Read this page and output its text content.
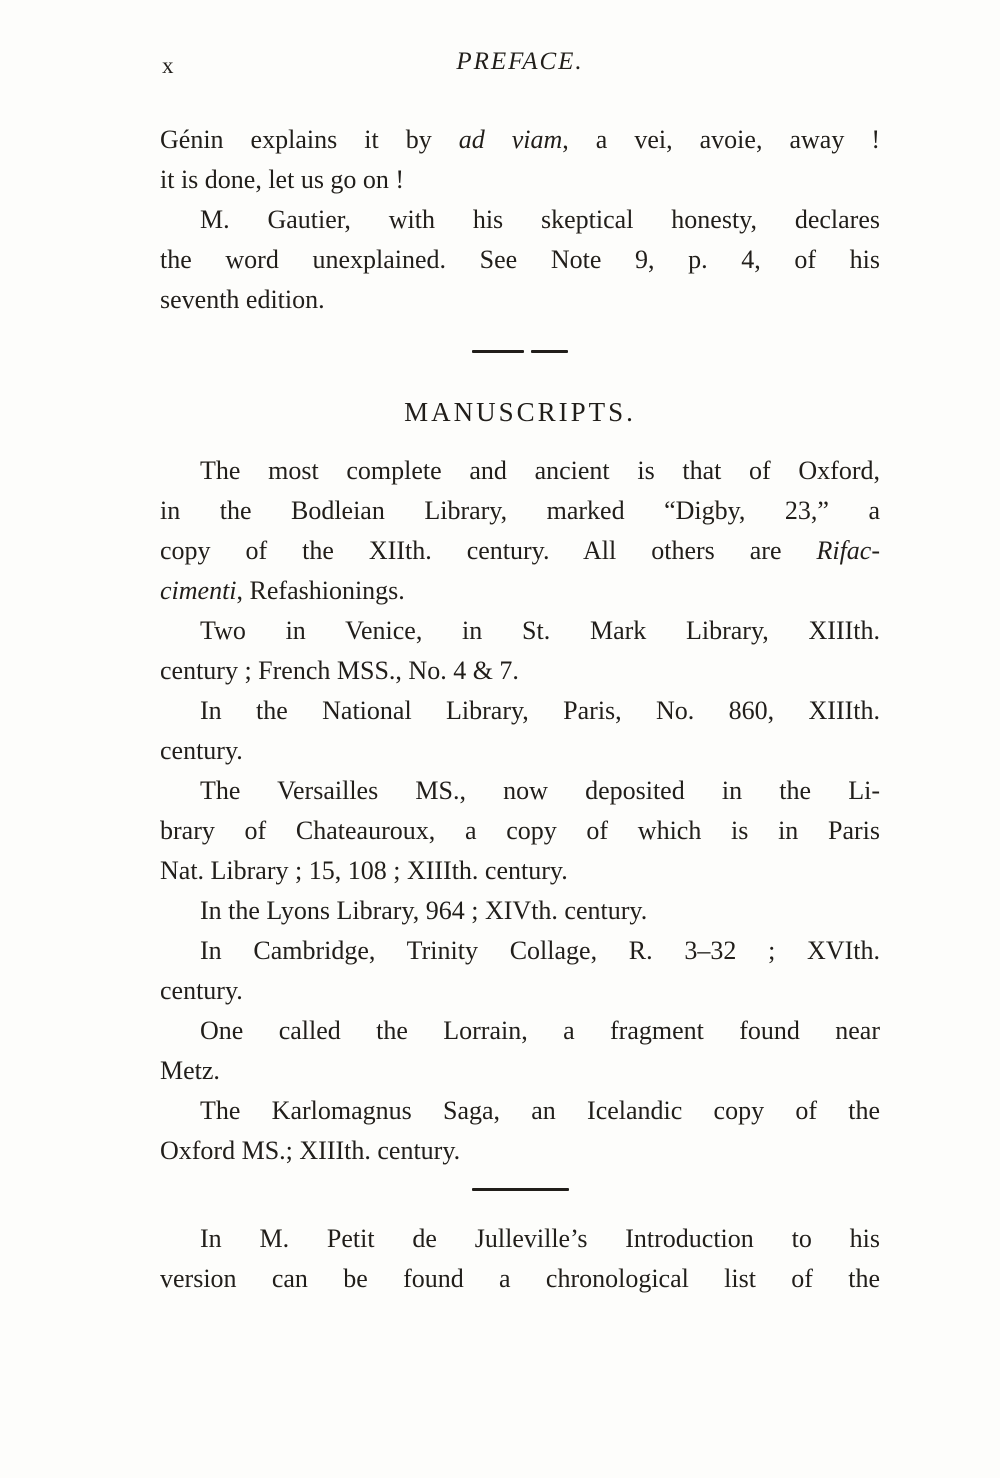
x	PREFACE.

Génin explains it by ad viam, a vei, avoie, away !
it is done, let us go on !

M. Gautier, with his skeptical honesty, declares
the word unexplained. See Note 9, p. 4, of his
seventh edition.

MANUSCRIPTS.

The most complete and ancient is that of Oxford,
in the Bodleian Library, marked “Digby, 23,” a
copy of the XIIth. century. All others are Rifac-
cimenti, Refashionings.

Two in Venice, in St. Mark Library, XIIIth.
century ; French MSS., No. 4 & 7.

In the National Library, Paris, No. 860, XIIIth.
century.

The Versailles MS., now deposited in the Li-
brary of Chateauroux, a copy of which is in Paris
Nat. Library ; 15, 108 ; XIIIth. century.

In the Lyons Library, 964 ; XIVth. century.

In Cambridge, Trinity Collage, R. 3–32 ; XVIth.
century.

One called the Lorrain, a fragment found near
Metz.

The Karlomagnus Saga, an Icelandic copy of the
Oxford MS.; XIIIth. century.

In M. Petit de Julleville’s Introduction to his
version can be found a chronological list of the
